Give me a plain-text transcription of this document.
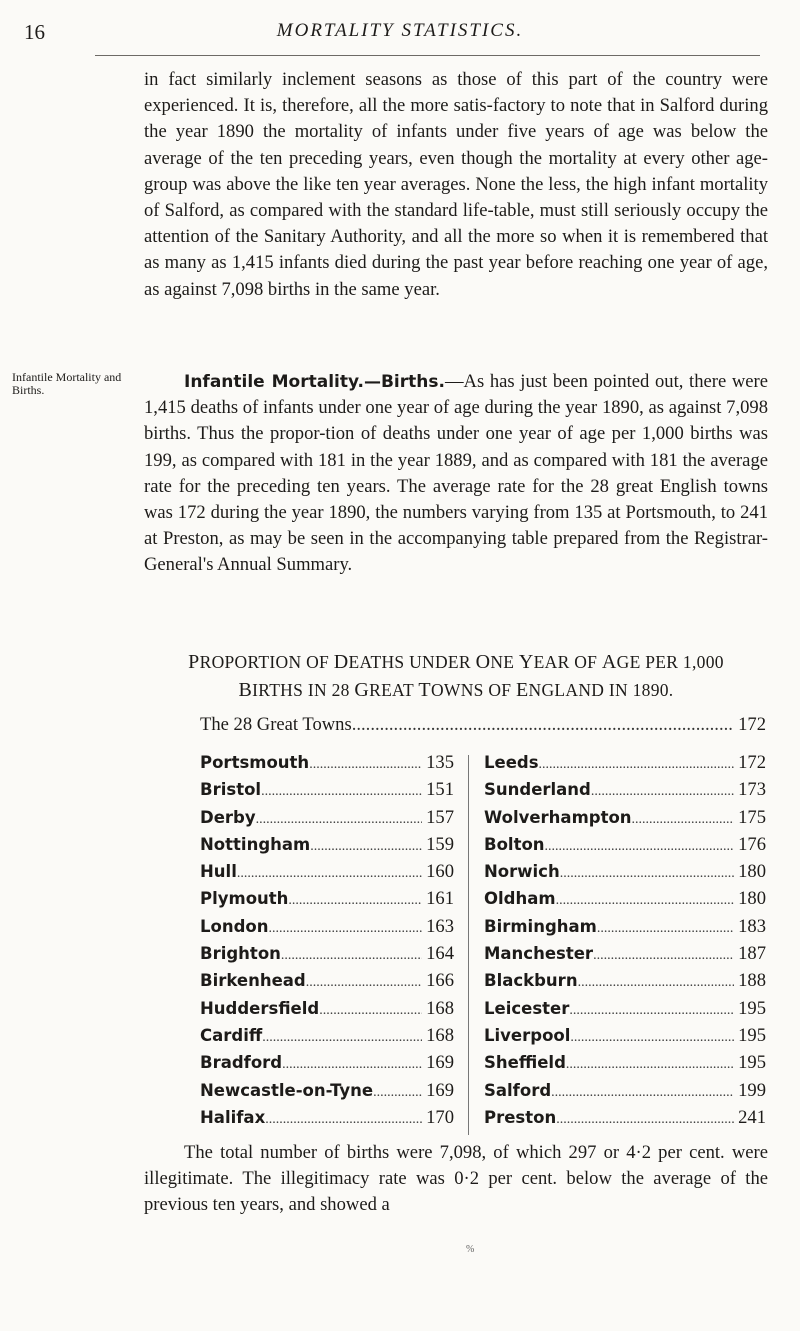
16	MORTALITY STATISTICS.

in fact similarly inclement seasons as those of this part of the country were experienced. It is, therefore, all the more satis-factory to note that in Salford during the year 1890 the mortality of infants under five years of age was below the average of the ten preceding years, even though the mortality at every other age-group was above the like ten year averages. None the less, the high infant mortality of Salford, as compared with the standard life-table, must still seriously occupy the attention of the Sanitary Authority, and all the more so when it is remembered that as many as 1,415 infants died during the past year before reaching one year of age, as against 7,098 births in the same year.

Infantile Mortality and Births.	Infantile Mortality.—Births.—As has just been pointed out, there were 1,415 deaths of infants under one year of age during the year 1890, as against 7,098 births. Thus the propor-tion of deaths under one year of age per 1,000 births was 199, as compared with 181 in the year 1889, and as compared with 181 the average rate for the preceding ten years. The average rate for the 28 great English towns was 172 during the year 1890, the numbers varying from 135 at Portsmouth, to 241 at Preston, as may be seen in the accompanying table prepared from the Registrar-General's Annual Summary.

PROPORTION OF DEATHS UNDER ONE YEAR OF AGE PER 1,000
BIRTHS IN 28 GREAT TOWNS OF ENGLAND IN 1890.
The 28 Great Towns .....	172
Portsmouth .....	135
Bristol .....	151
Derby .....	157
Nottingham .....	159
Hull .....	160
Plymouth .....	161
London .....	163
Brighton .....	164
Birkenhead .....	166
Huddersfield .....	168
Cardiff .....	168
Bradford .....	169
Newcastle-on-Tyne .....	169
Halifax .....	170
Leeds .....	172
Sunderland .....	173
Wolverhampton .....	175
Bolton .....	176
Norwich .....	180
Oldham .....	180
Birmingham .....	183
Manchester .....	187
Blackburn .....	188
Leicester .....	195
Liverpool .....	195
Sheffield .....	195
Salford .....	199
Preston .....	241

The total number of births were 7,098, of which 297 or 4·2 per cent. were illegitimate. The illegitimacy rate was 0·2 per cent. below the average of the previous ten years, and showed a

%
